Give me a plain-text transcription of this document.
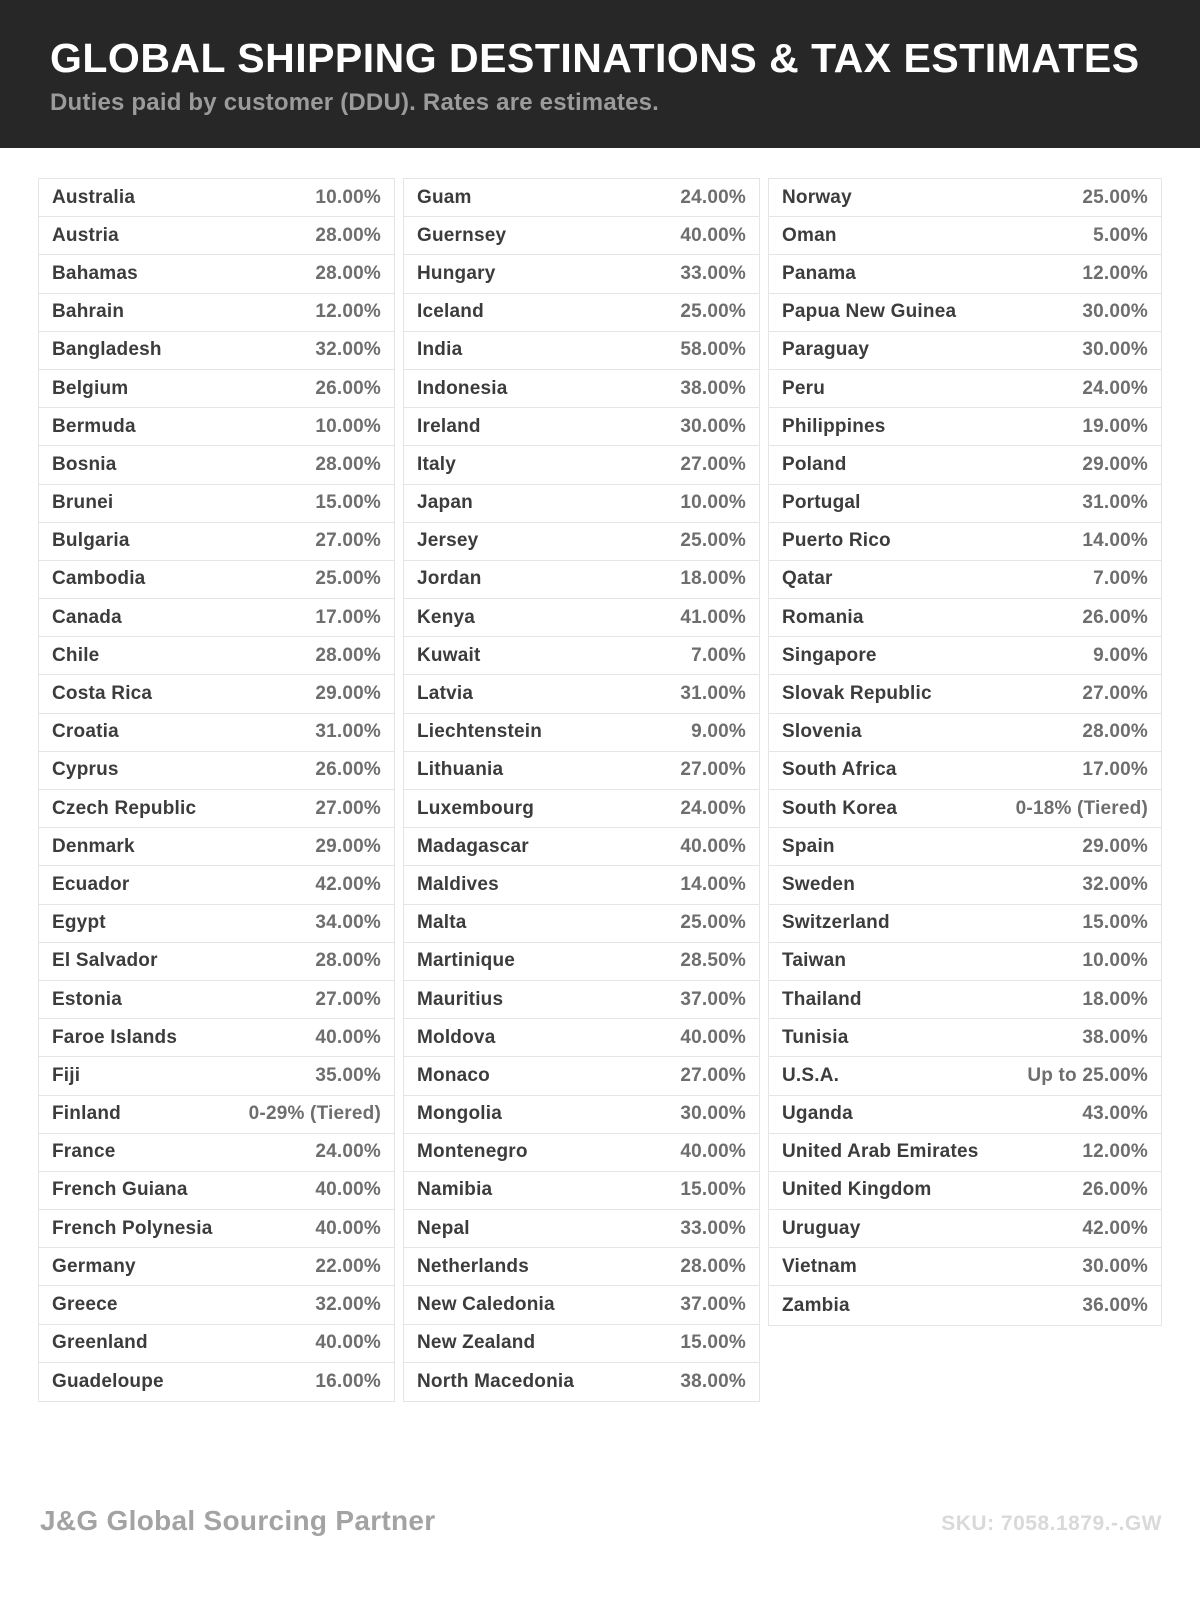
GLOBAL SHIPPING DESTINATIONS & TAX ESTIMATES
Duties paid by customer (DDU). Rates are estimates.
Australia	10.00%
Austria	28.00%
Bahamas	28.00%
Bahrain	12.00%
Bangladesh	32.00%
Belgium	26.00%
Bermuda	10.00%
Bosnia	28.00%
Brunei	15.00%
Bulgaria	27.00%
Cambodia	25.00%
Canada	17.00%
Chile	28.00%
Costa Rica	29.00%
Croatia	31.00%
Cyprus	26.00%
Czech Republic	27.00%
Denmark	29.00%
Ecuador	42.00%
Egypt	34.00%
El Salvador	28.00%
Estonia	27.00%
Faroe Islands	40.00%
Fiji	35.00%
Finland	0-29% (Tiered)
France	24.00%
French Guiana	40.00%
French Polynesia	40.00%
Germany	22.00%
Greece	32.00%
Greenland	40.00%
Guadeloupe	16.00%
Guam	24.00%
Guernsey	40.00%
Hungary	33.00%
Iceland	25.00%
India	58.00%
Indonesia	38.00%
Ireland	30.00%
Italy	27.00%
Japan	10.00%
Jersey	25.00%
Jordan	18.00%
Kenya	41.00%
Kuwait	7.00%
Latvia	31.00%
Liechtenstein	9.00%
Lithuania	27.00%
Luxembourg	24.00%
Madagascar	40.00%
Maldives	14.00%
Malta	25.00%
Martinique	28.50%
Mauritius	37.00%
Moldova	40.00%
Monaco	27.00%
Mongolia	30.00%
Montenegro	40.00%
Namibia	15.00%
Nepal	33.00%
Netherlands	28.00%
New Caledonia	37.00%
New Zealand	15.00%
North Macedonia	38.00%
Norway	25.00%
Oman	5.00%
Panama	12.00%
Papua New Guinea	30.00%
Paraguay	30.00%
Peru	24.00%
Philippines	19.00%
Poland	29.00%
Portugal	31.00%
Puerto Rico	14.00%
Qatar	7.00%
Romania	26.00%
Singapore	9.00%
Slovak Republic	27.00%
Slovenia	28.00%
South Africa	17.00%
South Korea	0-18% (Tiered)
Spain	29.00%
Sweden	32.00%
Switzerland	15.00%
Taiwan	10.00%
Thailand	18.00%
Tunisia	38.00%
U.S.A.	Up to 25.00%
Uganda	43.00%
United Arab Emirates	12.00%
United Kingdom	26.00%
Uruguay	42.00%
Vietnam	30.00%
Zambia	36.00%
J&G Global Sourcing Partner	SKU: 7058.1879.-.GW
